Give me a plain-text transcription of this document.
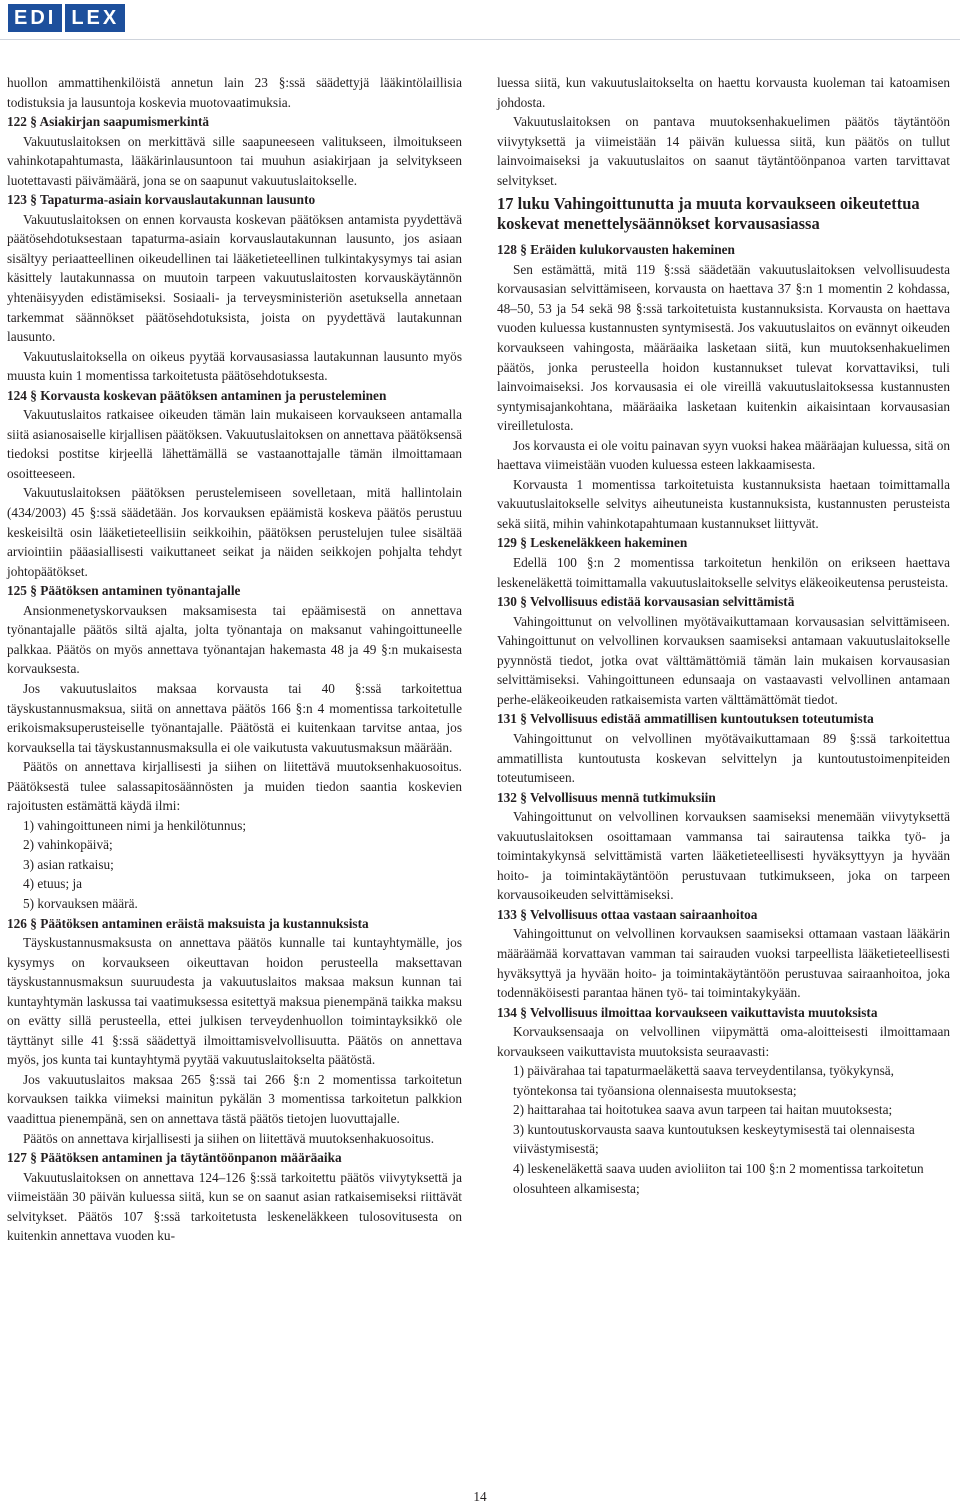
EDI LEX

huollon ammattihenkilöistä annetun lain 23 §:ssä säädettyjä lääkintölaillisia todistuksia ja lausuntoja koskevia muotovaatimuksia.

122 § Asiakirjan saapumismerkintä

Vakuutuslaitoksen on merkittävä sille saapuneeseen valitukseen, ilmoitukseen vahinkotapahtumasta, lääkärinlausuntoon tai muuhun asiakirjaan ja selvitykseen luotettavasti päivämäärä, jona se on saapunut vakuutuslaitokselle.

123 § Tapaturma-asiain korvauslautakunnan lausunto

Vakuutuslaitoksen on ennen korvausta koskevan päätöksen antamista pyydettävä päätösehdotuksestaan tapaturma-asiain korvauslautakunnan lausunto, jos asiaan sisältyy periaatteellinen oikeudellinen tai lääketieteellinen tulkintakysymys tai asian käsittely lautakunnassa on muutoin tarpeen vakuutuslaitosten korvauskäytännön yhtenäisyyden edistämiseksi. Sosiaali- ja terveysministeriön asetuksella annetaan tarkemmat säännökset päätösehdotuksista, joista on pyydettävä lautakunnan lausunto.

Vakuutuslaitoksella on oikeus pyytää korvausasiassa lautakunnan lausunto myös muusta kuin 1 momentissa tarkoitetusta päätösehdotuksesta.

124 § Korvausta koskevan päätöksen antaminen ja perusteleminen

Vakuutuslaitos ratkaisee oikeuden tämän lain mukaiseen korvaukseen antamalla siitä asianosaiselle kirjallisen päätöksen. Vakuutuslaitoksen on annettava päätöksensä tiedoksi postitse kirjeellä lähettämällä se vastaanottajalle tämän ilmoittamaan osoitteeseen.

Vakuutuslaitoksen päätöksen perustelemiseen sovelletaan, mitä hallintolain (434/2003) 45 §:ssä säädetään. Jos korvauksen epäämistä koskeva päätös perustuu keskeisiltä osin lääketieteellisiin seikkoihin, päätöksen perustelujen tulee sisältää arviointiin pääasiallisesti vaikuttaneet seikat ja näiden seikkojen pohjalta tehdyt johtopäätökset.

125 § Päätöksen antaminen työnantajalle

Ansionmenetyskorvauksen maksamisesta tai epäämisestä on annettava työnantajalle päätös siltä ajalta, jolta työnantaja on maksanut vahingoittuneelle palkkaa. Päätös on myös annettava työnantajan hakemasta 48 ja 49 §:n mukaisesta korvauksesta.

Jos vakuutuslaitos maksaa korvausta tai 40 §:ssä tarkoitettua täyskustannusmaksua, siitä on annettava päätös 166 §:n 4 momentissa tarkoitetulle erikoismaksuperusteiselle työnantajalle. Päätöstä ei kuitenkaan tarvitse antaa, jos korvauksella tai täyskustannusmaksulla ei ole vaikutusta vakuutusmaksun määrään.

Päätös on annettava kirjallisesti ja siihen on liitettävä muutoksenhakuosoitus. Päätöksestä tulee salassapitosäännösten ja muiden tiedon saantia koskevien rajoitusten estämättä käydä ilmi:

1) vahingoittuneen nimi ja henkilötunnus;

2) vahinkopäivä;

3) asian ratkaisu;

4) etuus; ja

5) korvauksen määrä.

126 § Päätöksen antaminen eräistä maksuista ja kustannuksista

Täyskustannusmaksusta on annettava päätös kunnalle tai kuntayhtymälle, jos kysymys on korvaukseen oikeuttavan hoidon perusteella maksettavan täyskustannusmaksun suuruudesta ja vakuutuslaitos maksaa maksun kunnan tai kuntayhtymän laskussa tai vaatimuksessa esitettyä maksua pienempänä taikka maksu on evätty sillä perusteella, ettei julkisen terveydenhuollon toimintayksikkö ole täyttänyt sille 41 §:ssä säädettyä ilmoittamisvelvollisuutta. Päätös on annettava myös, jos kunta tai kuntayhtymä pyytää vakuutuslaitokselta päätöstä.

Jos vakuutuslaitos maksaa 265 §:ssä tai 266 §:n 2 momentissa tarkoitetun korvauksen taikka viimeksi mainitun pykälän 3 momentissa tarkoitetun palkkion vaadittua pienempänä, sen on annettava tästä päätös tietojen luovuttajalle.

Päätös on annettava kirjallisesti ja siihen on liitettävä muutoksenhakuosoitus.

127 § Päätöksen antaminen ja täytäntöönpanon määräaika

Vakuutuslaitoksen on annettava 124–126 §:ssä tarkoitettu päätös viivytyksettä ja viimeistään 30 päivän kuluessa siitä, kun se on saanut asian ratkaisemiseksi riittävät selvitykset. Päätös 107 §:ssä tarkoitetusta leskeneläkkeen tulosovitusesta on kuitenkin annettava vuoden ku-

luessa siitä, kun vakuutuslaitokselta on haettu korvausta kuoleman tai katoamisen johdosta.

Vakuutuslaitoksen on pantava muutoksenhakuelimen päätös täytäntöön viivytyksettä ja viimeistään 14 päivän kuluessa siitä, kun päätös on tullut lainvoimaiseksi ja vakuutuslaitos on saanut täytäntöönpanoa varten tarvittavat selvitykset.

17 luku Vahingoittunutta ja muuta korvaukseen oikeutettua koskevat menettelysäännökset korvausasiassa
128 § Eräiden kulukorvausten hakeminen

Sen estämättä, mitä 119 §:ssä säädetään vakuutuslaitoksen velvollisuudesta korvausasian selvittämiseen, korvausta on haettava 37 §:n 1 momentin 2 kohdassa, 48–50, 53 ja 54 sekä 98 §:ssä tarkoitetuista kustannuksista. Korvausta on haettava vuoden kuluessa kustannusten syntymisestä. Jos vakuutuslaitos on evännyt oikeuden korvaukseen vahingosta, määräaika lasketaan siitä, kun muutoksenhakuelimen päätös, jonka perusteella hoidon kustannukset tulevat korvattaviksi, tuli lainvoimaiseksi. Jos korvausasia ei ole vireillä vakuutuslaitoksessa kustannusten syntymisajankohtana, määräaika lasketaan kuitenkin aikaisintaan korvausasian vireilletulosta.

Jos korvausta ei ole voitu painavan syyn vuoksi hakea määräajan kuluessa, sitä on haettava viimeistään vuoden kuluessa esteen lakkaamisesta.

Korvausta 1 momentissa tarkoitetuista kustannuksista haetaan toimittamalla vakuutuslaitokselle selvitys aiheutuneista kustannuksista, kustannusten perusteista sekä siitä, mihin vahinkotapahtumaan kustannukset liittyvät.

129 § Leskeneläkkeen hakeminen

Edellä 100 §:n 2 momentissa tarkoitetun henkilön on erikseen haettava leskeneläkettä toimittamalla vakuutuslaitokselle selvitys eläkeoikeutensa perusteista.

130 § Velvollisuus edistää korvausasian selvittämistä

Vahingoittunut on velvollinen myötävaikuttamaan korvausasian selvittämiseen. Vahingoittunut on velvollinen korvauksen saamiseksi antamaan vakuutuslaitokselle pyynnöstä tiedot, jotka ovat välttämättömiä tämän lain mukaisen korvausasian selvittämiseksi. Vahingoittuneen edunsaaja on vastaavasti velvollinen antamaan perhe-eläkeoikeuden ratkaisemista varten välttämättömät tiedot.

131 § Velvollisuus edistää ammatillisen kuntoutuksen toteutumista

Vahingoittunut on velvollinen myötävaikuttamaan 89 §:ssä tarkoitettua ammatillista kuntoutusta koskevan selvittelyn ja kuntoutustoimenpiteiden toteutumiseen.

132 § Velvollisuus mennä tutkimuksiin

Vahingoittunut on velvollinen korvauksen saamiseksi menemään viivytyksettä vakuutuslaitoksen osoittamaan vammansa tai sairautensa taikka työ- ja toimintakykynsä selvittämistä varten lääketieteellisesti hyväksyttyyn ja hyvään hoito- ja toimintakäytäntöön perustuvaan tutkimukseen, joka on tarpeen korvausoikeuden selvittämiseksi.

133 § Velvollisuus ottaa vastaan sairaanhoitoa

Vahingoittunut on velvollinen korvauksen saamiseksi ottamaan vastaan lääkärin määräämää korvattavan vamman tai sairauden vuoksi tarpeellista lääketieteellisesti hyväksyttyä ja hyvään hoito- ja toimintakäytäntöön perustuvaa sairaanhoitoa, joka todennäköisesti parantaa hänen työ- tai toimintakykyään.

134 § Velvollisuus ilmoittaa korvaukseen vaikuttavista muutoksista

Korvauksensaaja on velvollinen viipymättä oma-aloitteisesti ilmoittamaan korvaukseen vaikuttavista muutoksista seuraavasti:

1) päivärahaa tai tapaturmaeläkettä saava terveydentilansa, työkykynsä, työntekonsa tai työansiona olennaisesta muutoksesta;

2) haittarahaa tai hoitotukea saava avun tarpeen tai haitan muutoksesta;

3) kuntoutuskorvausta saava kuntoutuksen keskeytymisestä tai olennaisesta viivästymisestä;

4) leskeneläkettä saava uuden avioliiton tai 100 §:n 2 momentissa tarkoitetun olosuhteen alkamisesta;

14
